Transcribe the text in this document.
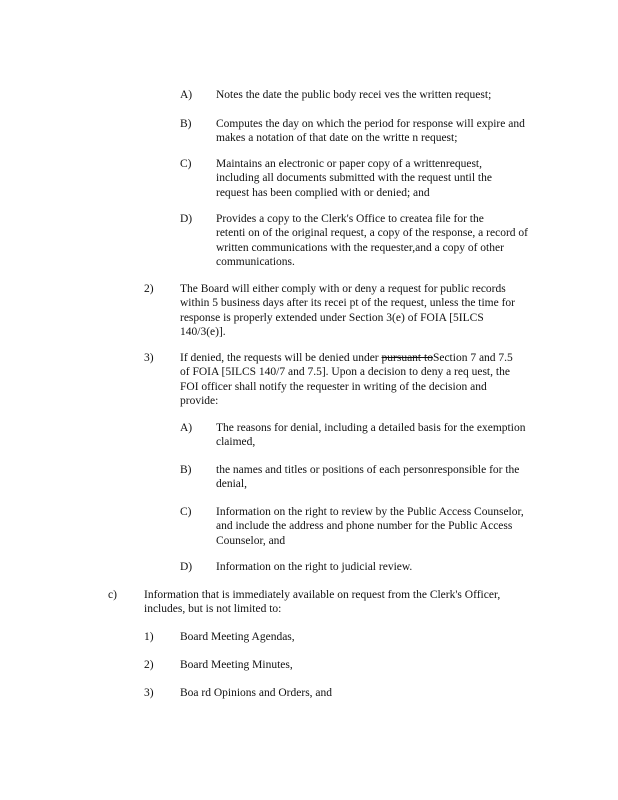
A) Notes the date the public body recei ves the written request;
B) Computes the day on which the period for response will expire and
makes a notation of that date on the writte n request;
C) Maintains an electronic or paper copy of a writtenrequest,
including all documents submitted with the request until the
request has been complied with or denied; and
D) Provides a copy to the Clerk's Office to createa file for the
retenti on of the original request, a copy of the response, a record of
written communications with the requester,and a copy of other
communications.
2) The Board will either comply with or deny a request for public records
within 5 business days after its recei pt of the request, unless the time for
response is properly extended under Section 3(e) of FOIA [5ILCS
140/3(e)].
3) If denied, the requests will be denied under pursuant toSection 7 and 7.5
of FOIA [5ILCS 140/7 and 7.5]. Upon a decision to deny a req uest, the
FOI officer shall notify the requester in writing of the decision and
provide:
A) The reasons for denial, including a detailed basis for the exemption
claimed,
B) the names and titles or positions of each personresponsible for the
denial,
C) Information on the right to review by the Public Access Counselor,
and include the address and phone number for the Public Access
Counselor, and
D) Information on the right to judicial review.
c) Information that is immediately available on request from the Clerk's Officer,
includes, but is not limited to:
1) Board Meeting Agendas,
2) Board Meeting Minutes,
3) Boa rd Opinions and Orders, and
